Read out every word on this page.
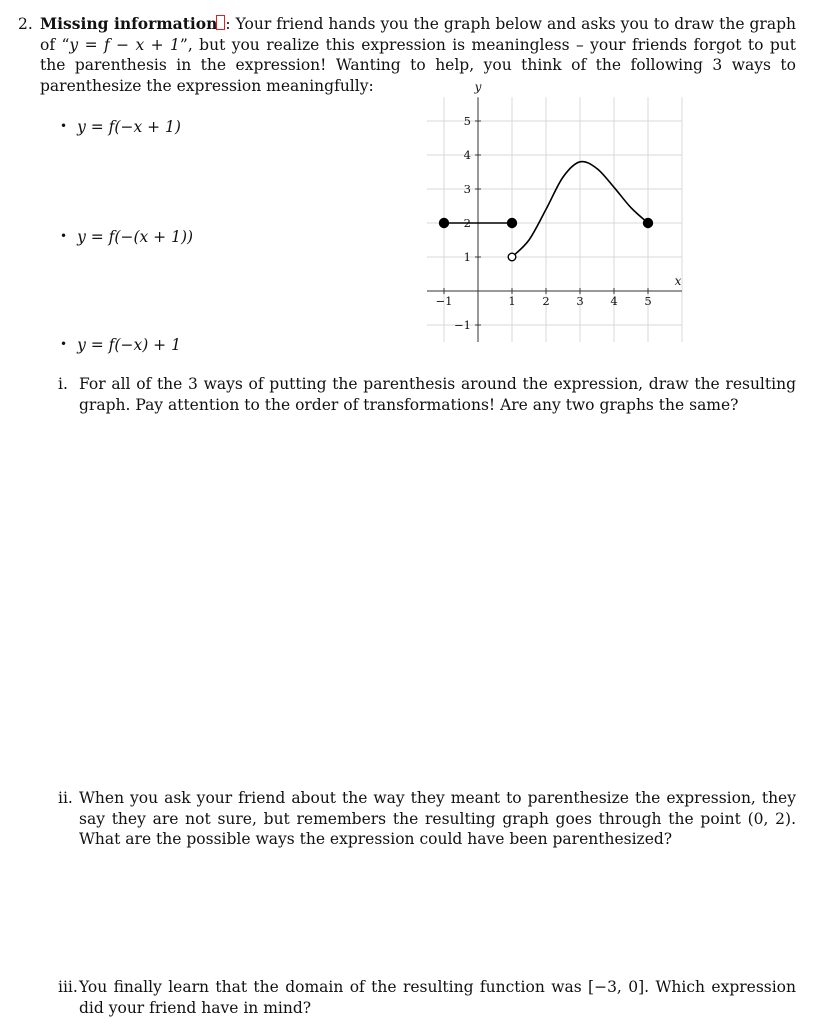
2. Missing information : Your friend hands you the graph below and asks you to draw the graph of “y = f − x + 1”, but you realize this expression is meaningless – your friends forgot to put the parenthesis in the expression! Wanting to help, you think of the following 3 ways to parenthesize the expression meaningfully:
• y = f(−x + 1)
• y = f(−(x + 1))
• y = f(−x) + 1
−1	1 2 3 4 5
−1
1
2
3
4
5
x
y
i. For all of the 3 ways of putting the parenthesis around the expression, draw the resulting graph. Pay attention to the order of transformations! Are any two graphs the same?
ii. When you ask your friend about the way they meant to parenthesize the expression, they say they are not sure, but remembers the resulting graph goes through the point (0, 2). What are the possible ways the expression could have been parenthesized?
iii. You finally learn that the domain of the resulting function was [−3, 0]. Which expression did your friend have in mind?
